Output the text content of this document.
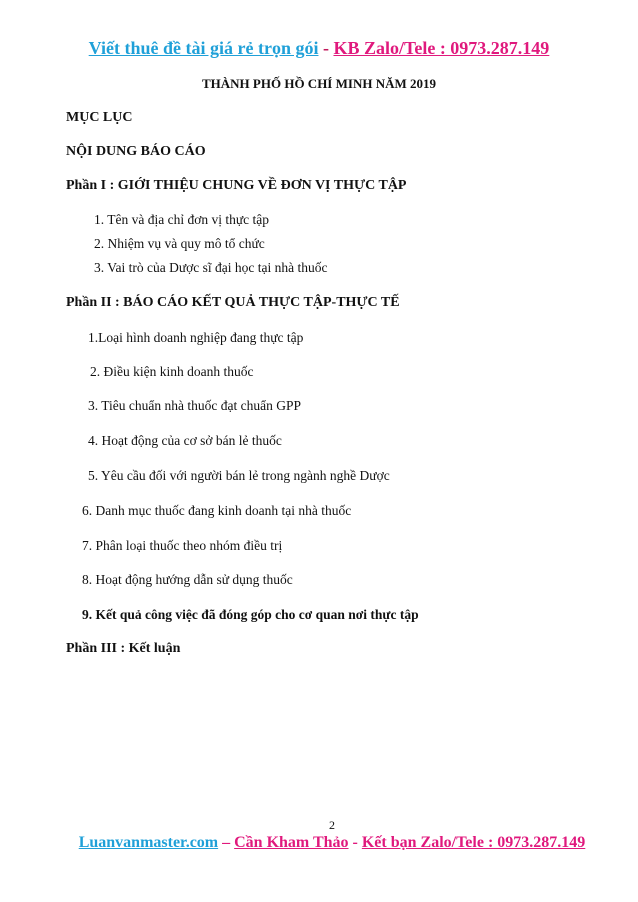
Viết thuê đề tài giá rẻ trọn gói - KB Zalo/Tele : 0973.287.149
THÀNH PHỐ HỒ CHÍ MINH NĂM 2019
MỤC LỤC
NỘI DUNG BÁO CÁO
Phần I : GIỚI THIỆU CHUNG VỀ ĐƠN VỊ THỰC TẬP
1. Tên và địa chỉ đơn vị thực tập
2. Nhiệm vụ và quy mô tổ chức
3. Vai trò của Dược sĩ đại học tại nhà thuốc
Phần II : BÁO CÁO KẾT QUẢ THỰC TẬP-THỰC TẾ
1.Loại hình doanh nghiệp đang thực tập
2. Điều kiện kinh doanh thuốc
3. Tiêu chuẩn nhà thuốc đạt chuẩn GPP
4. Hoạt động của cơ sở bán lẻ thuốc
5. Yêu cầu đối với người bán lẻ trong ngành nghề Dược
6. Danh mục thuốc đang kinh doanh tại nhà thuốc
7. Phân loại thuốc theo nhóm điều trị
8. Hoạt động hướng dẫn sử dụng thuốc
9. Kết quả công việc đã đóng góp cho cơ quan nơi thực tập
Phần III : Kết luận
2
Luanvanmaster.com – Cần Kham Thảo - Kết bạn Zalo/Tele : 0973.287.149
